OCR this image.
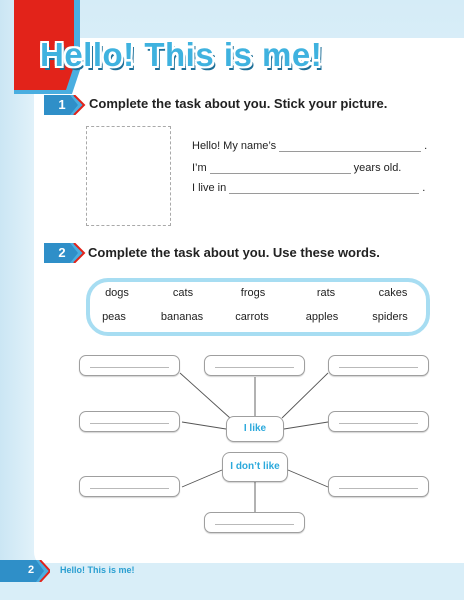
Hello! This is me!
1	Complete the task about you. Stick your picture.
Hello! My name’s	.
I’m	years old.
I live in	.
2	Complete the task about you. Use these words.
dogs	cats	frogs	rats	cakes
peas	bananas	carrots	apples	spiders
I like
I don’t like
2	Hello! This is me!
